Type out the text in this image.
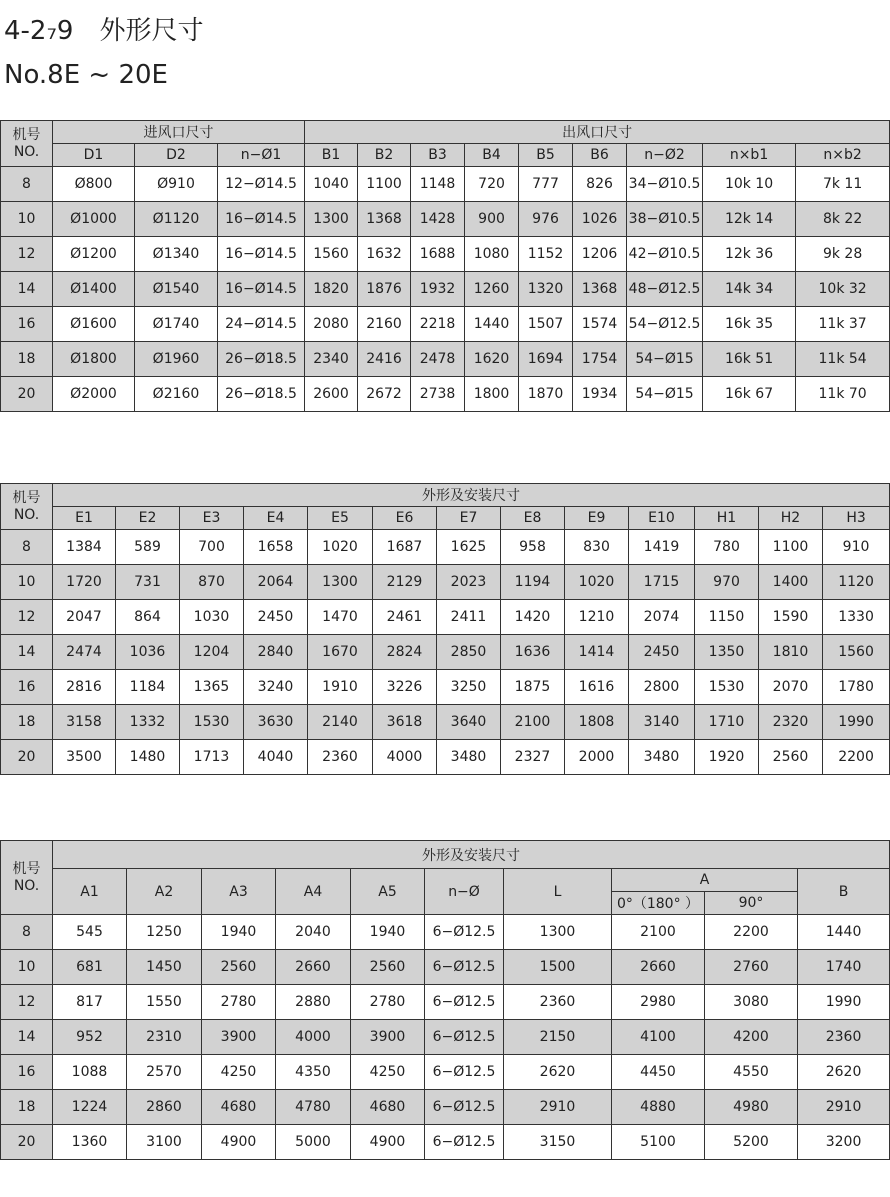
4-2₇9 外形尺寸
No.8E ~ 20E
机号
NO.	进风口尺寸			出风口尺寸								
	D1	D2	n−Ø1	B1	B2	B3	B4	B5	B6	n−Ø2	n×b1	n×b2
8	Ø800	Ø910	12−Ø14.5	1040	1100	1148	720	777	826	34−Ø10.5	10k 10	7k 11
10	Ø1000	Ø1120	16−Ø14.5	1300	1368	1428	900	976	1026	38−Ø10.5	12k 14	8k 22
12	Ø1200	Ø1340	16−Ø14.5	1560	1632	1688	1080	1152	1206	42−Ø10.5	12k 36	9k 28
14	Ø1400	Ø1540	16−Ø14.5	1820	1876	1932	1260	1320	1368	48−Ø12.5	14k 34	10k 32
16	Ø1600	Ø1740	24−Ø14.5	2080	2160	2218	1440	1507	1574	54−Ø12.5	16k 35	11k 37
18	Ø1800	Ø1960	26−Ø18.5	2340	2416	2478	1620	1694	1754	54−Ø15	16k 51	11k 54
20	Ø2000	Ø2160	26−Ø18.5	2600	2672	2738	1800	1870	1934	54−Ø15	16k 67	11k 70
机号
NO.	外形及安装尺寸												
	E1	E2	E3	E4	E5	E6	E7	E8	E9	E10	H1	H2	H3
8	1384	589	700	1658	1020	1687	1625	958	830	1419	780	1100	910
10	1720	731	870	2064	1300	2129	2023	1194	1020	1715	970	1400	1120
12	2047	864	1030	2450	1470	2461	2411	1420	1210	2074	1150	1590	1330
14	2474	1036	1204	2840	1670	2824	2850	1636	1414	2450	1350	1810	1560
16	2816	1184	1365	3240	1910	3226	3250	1875	1616	2800	1530	2070	1780
18	3158	1332	1530	3630	2140	3618	3640	2100	1808	3140	1710	2320	1990
20	3500	1480	1713	4040	2360	4000	3480	2327	2000	3480	1920	2560	2200
机号
NO.	外形及安装尺寸									
	A1	A2	A3	A4	A5	n−Ø	L	A		B
								0°（180° ）	90°	
8	545	1250	1940	2040	1940	6−Ø12.5	1300	2100	2200	1440
10	681	1450	2560	2660	2560	6−Ø12.5	1500	2660	2760	1740
12	817	1550	2780	2880	2780	6−Ø12.5	2360	2980	3080	1990
14	952	2310	3900	4000	3900	6−Ø12.5	2150	4100	4200	2360
16	1088	2570	4250	4350	4250	6−Ø12.5	2620	4450	4550	2620
18	1224	2860	4680	4780	4680	6−Ø12.5	2910	4880	4980	2910
20	1360	3100	4900	5000	4900	6−Ø12.5	3150	5100	5200	3200
